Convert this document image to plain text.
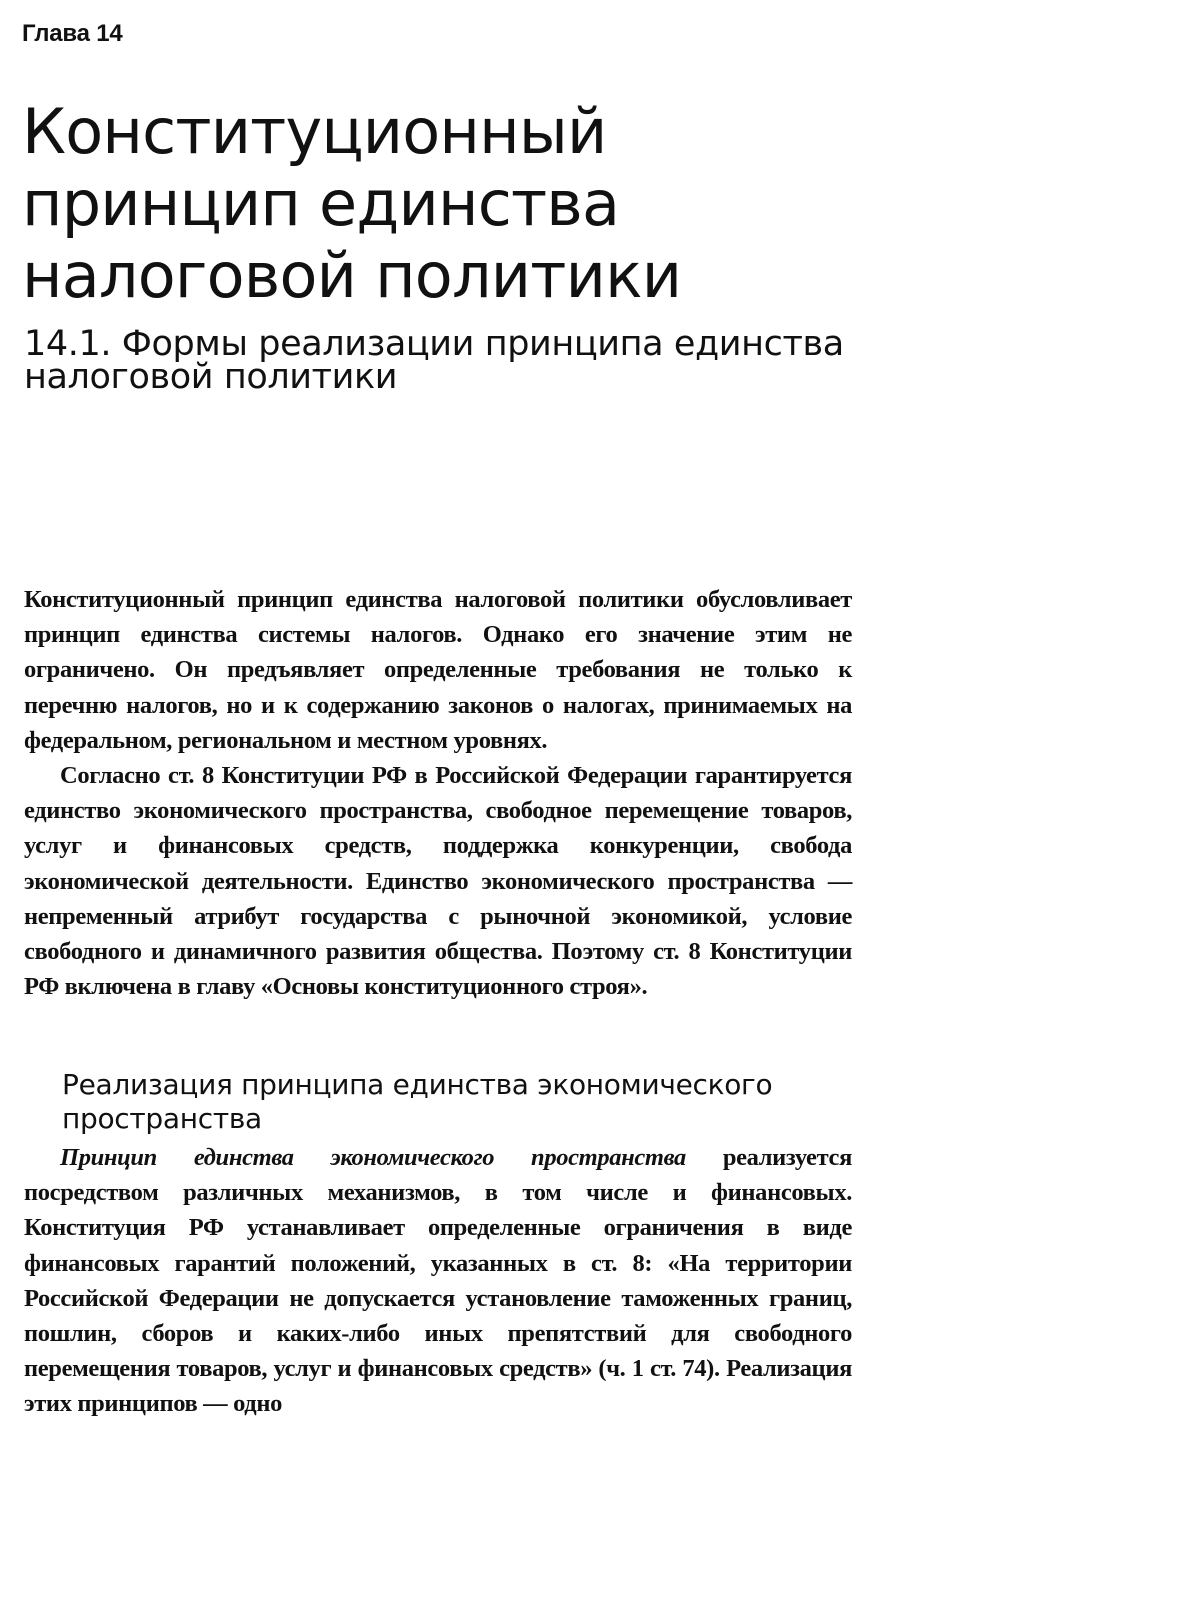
Глава 14
Конституционный принцип единства налоговой политики
14.1. Формы реализации принципа единства налоговой политики

Конституционный принцип единства налоговой политики обусловливает принцип единства системы налогов. Однако его значение этим не ограничено. Он предъявляет определенные требования не только к перечню налогов, но и к содержанию законов о налогах, принимаемых на федеральном, региональном и местном уровнях.

Согласно ст. 8 Конституции РФ в Российской Федерации гарантируется единство экономического пространства, свободное перемещение товаров, услуг и финансовых средств, поддержка конкуренции, свобода экономической деятельности. Единство экономического пространства — непременный атрибут государства с рыночной экономикой, условие свободного и динамичного развития общества. Поэтому ст. 8 Конституции РФ включена в главу «Основы конституционного строя».

Реализация принципа единства экономического пространства

Принцип единства экономического пространства реализуется посредством различных механизмов, в том числе и финансовых. Конституция РФ устанавливает определенные ограничения в виде финансовых гарантий положений, указанных в ст. 8: «На территории Российской Федерации не допускается установление таможенных границ, пошлин, сборов и каких-либо иных препятствий для свободного перемещения товаров, услуг и финансовых средств» (ч. 1 ст. 74). Реализация этих принципов — одно
